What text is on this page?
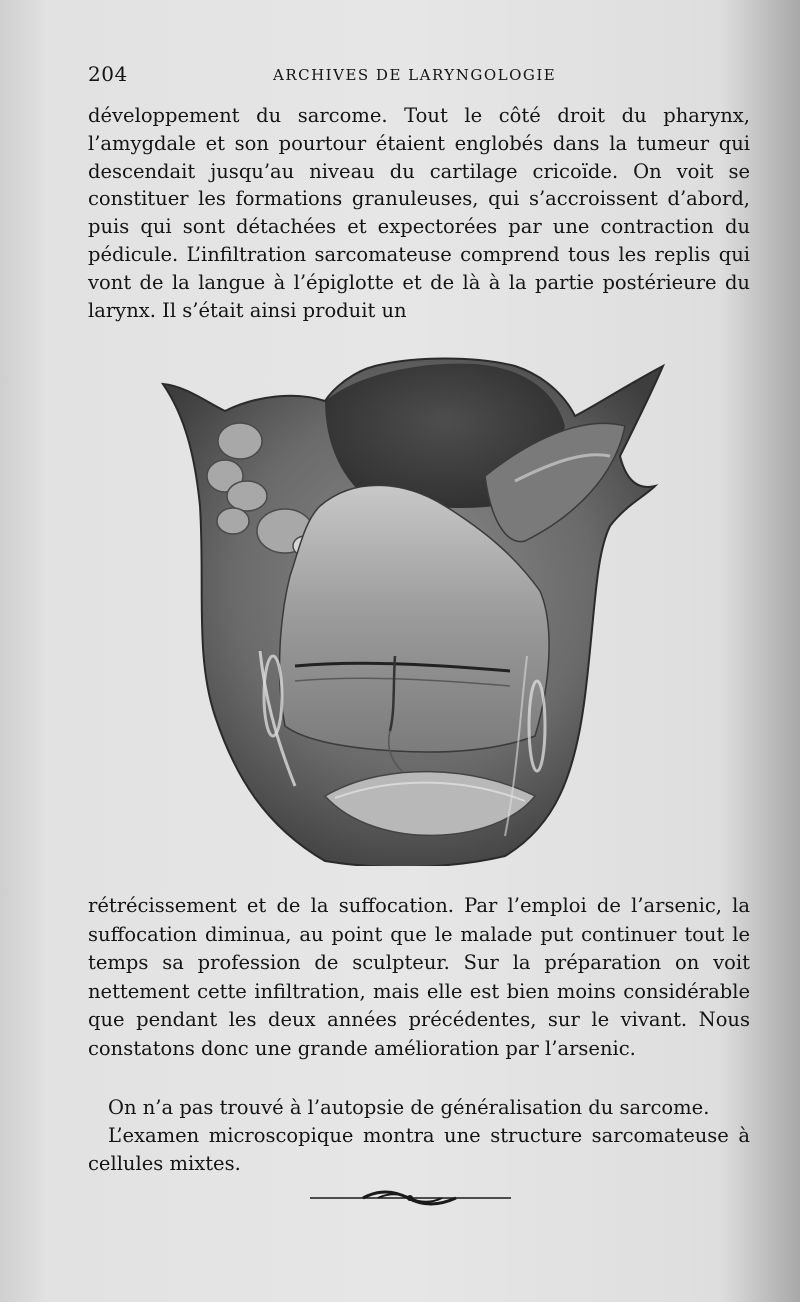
204	ARCHIVES DE LARYNGOLOGIE

développement du sarcome. Tout le côté droit du pharynx, l’amygdale et son pourtour étaient englobés dans la tumeur qui descendait jusqu’au niveau du cartilage cricoïde. On voit se constituer les formations granuleuses, qui s’accroissent d’abord, puis qui sont détachées et expectorées par une contraction du pédicule. L’infiltration sarcomateuse comprend tous les replis qui vont de la langue à l’épiglotte et de là à la partie postérieure du larynx. Il s’était ainsi produit un

rétrécissement et de la suffocation. Par l’emploi de l’arsenic, la suffocation diminua, au point que le malade put continuer tout le temps sa profession de sculpteur. Sur la préparation on voit nettement cette infiltration, mais elle est bien moins considérable que pendant les deux années précédentes, sur le vivant. Nous constatons donc une grande amélioration par l’arsenic.

On n’a pas trouvé à l’autopsie de généralisation du sarcome.

L’examen microscopique montra une structure sarcomateuse à cellules mixtes.
